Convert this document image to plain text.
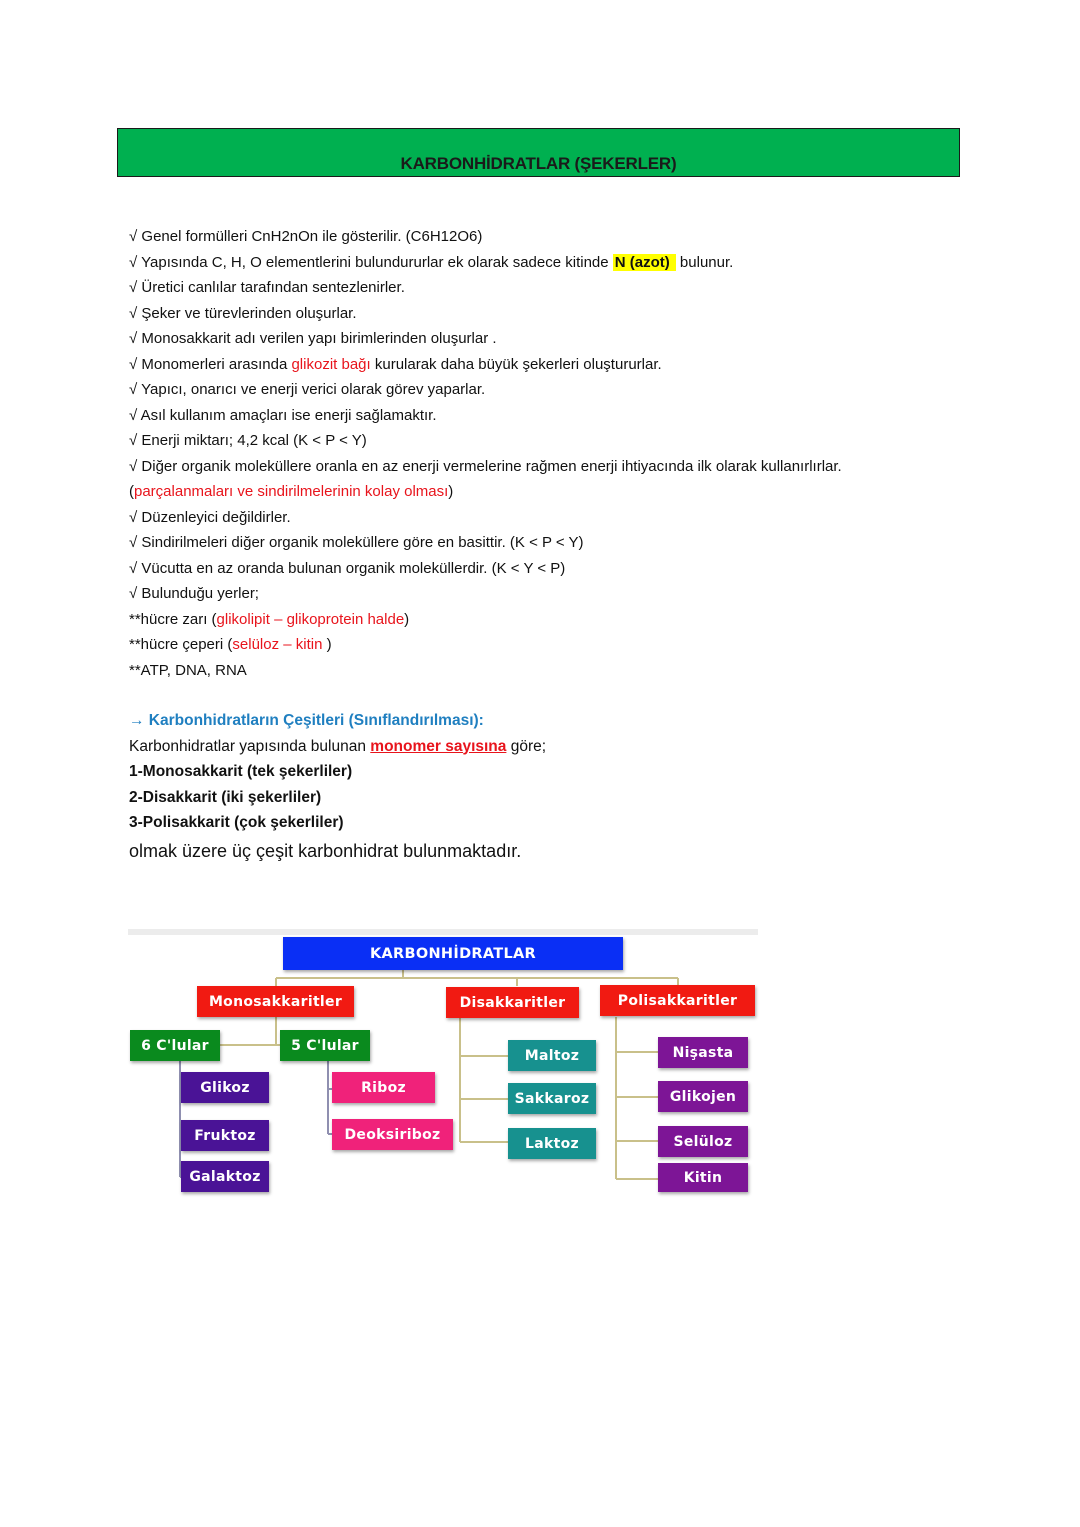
KARBONHİDRATLAR (ŞEKERLER)
√ Genel formülleri CnH2nOn ile gösterilir. (C6H12O6)
√ Yapısında C, H, O elementlerini bulundururlar ek olarak sadece kitinde N (azot) bulunur.
√ Üretici canlılar tarafından sentezlenirler.
√ Şeker ve türevlerinden oluşurlar.
√ Monosakkarit adı verilen yapı birimlerinden oluşurlar .
√ Monomerleri arasında glikozit bağı kurularak daha büyük şekerleri oluştururlar.
√ Yapıcı, onarıcı ve enerji verici olarak görev yaparlar.
√ Asıl kullanım amaçları ise enerji sağlamaktır.
√ Enerji miktarı; 4,2 kcal (K < P < Y)
√ Diğer organik moleküllere oranla en az enerji vermelerine rağmen enerji ihtiyacında ilk olarak kullanırlırlar.
(parçalanmaları ve sindirilmelerinin kolay olması)
√ Düzenleyici değildirler.
√ Sindirilmeleri diğer organik moleküllere göre en basittir. (K < P < Y)
√ Vücutta en az oranda bulunan organik moleküllerdir. (K < Y < P)
√ Bulunduğu yerler;
**hücre zarı (glikolipit – glikoprotein halde)
**hücre çeperi (selüloz – kitin )
**ATP, DNA, RNA
→ Karbonhidratların Çeşitleri (Sınıflandırılması):
Karbonhidratlar yapısında bulunan monomer sayısına göre;
1-Monosakkarit (tek şekerliler)
2-Disakkarit (iki şekerliler)
3-Polisakkarit (çok şekerliler)
olmak üzere üç çeşit karbonhidrat bulunmaktadır.
KARBONHİDRATLAR
Monosakkaritler	Disakkaritler	Polisakkaritler
6 C'lular	5 C'lular
Glikoz
Fruktoz
Galaktoz
Riboz
Deoksiriboz
Maltoz
Sakkaroz
Laktoz
Nişasta
Glikojen
Selüloz
Kitin
